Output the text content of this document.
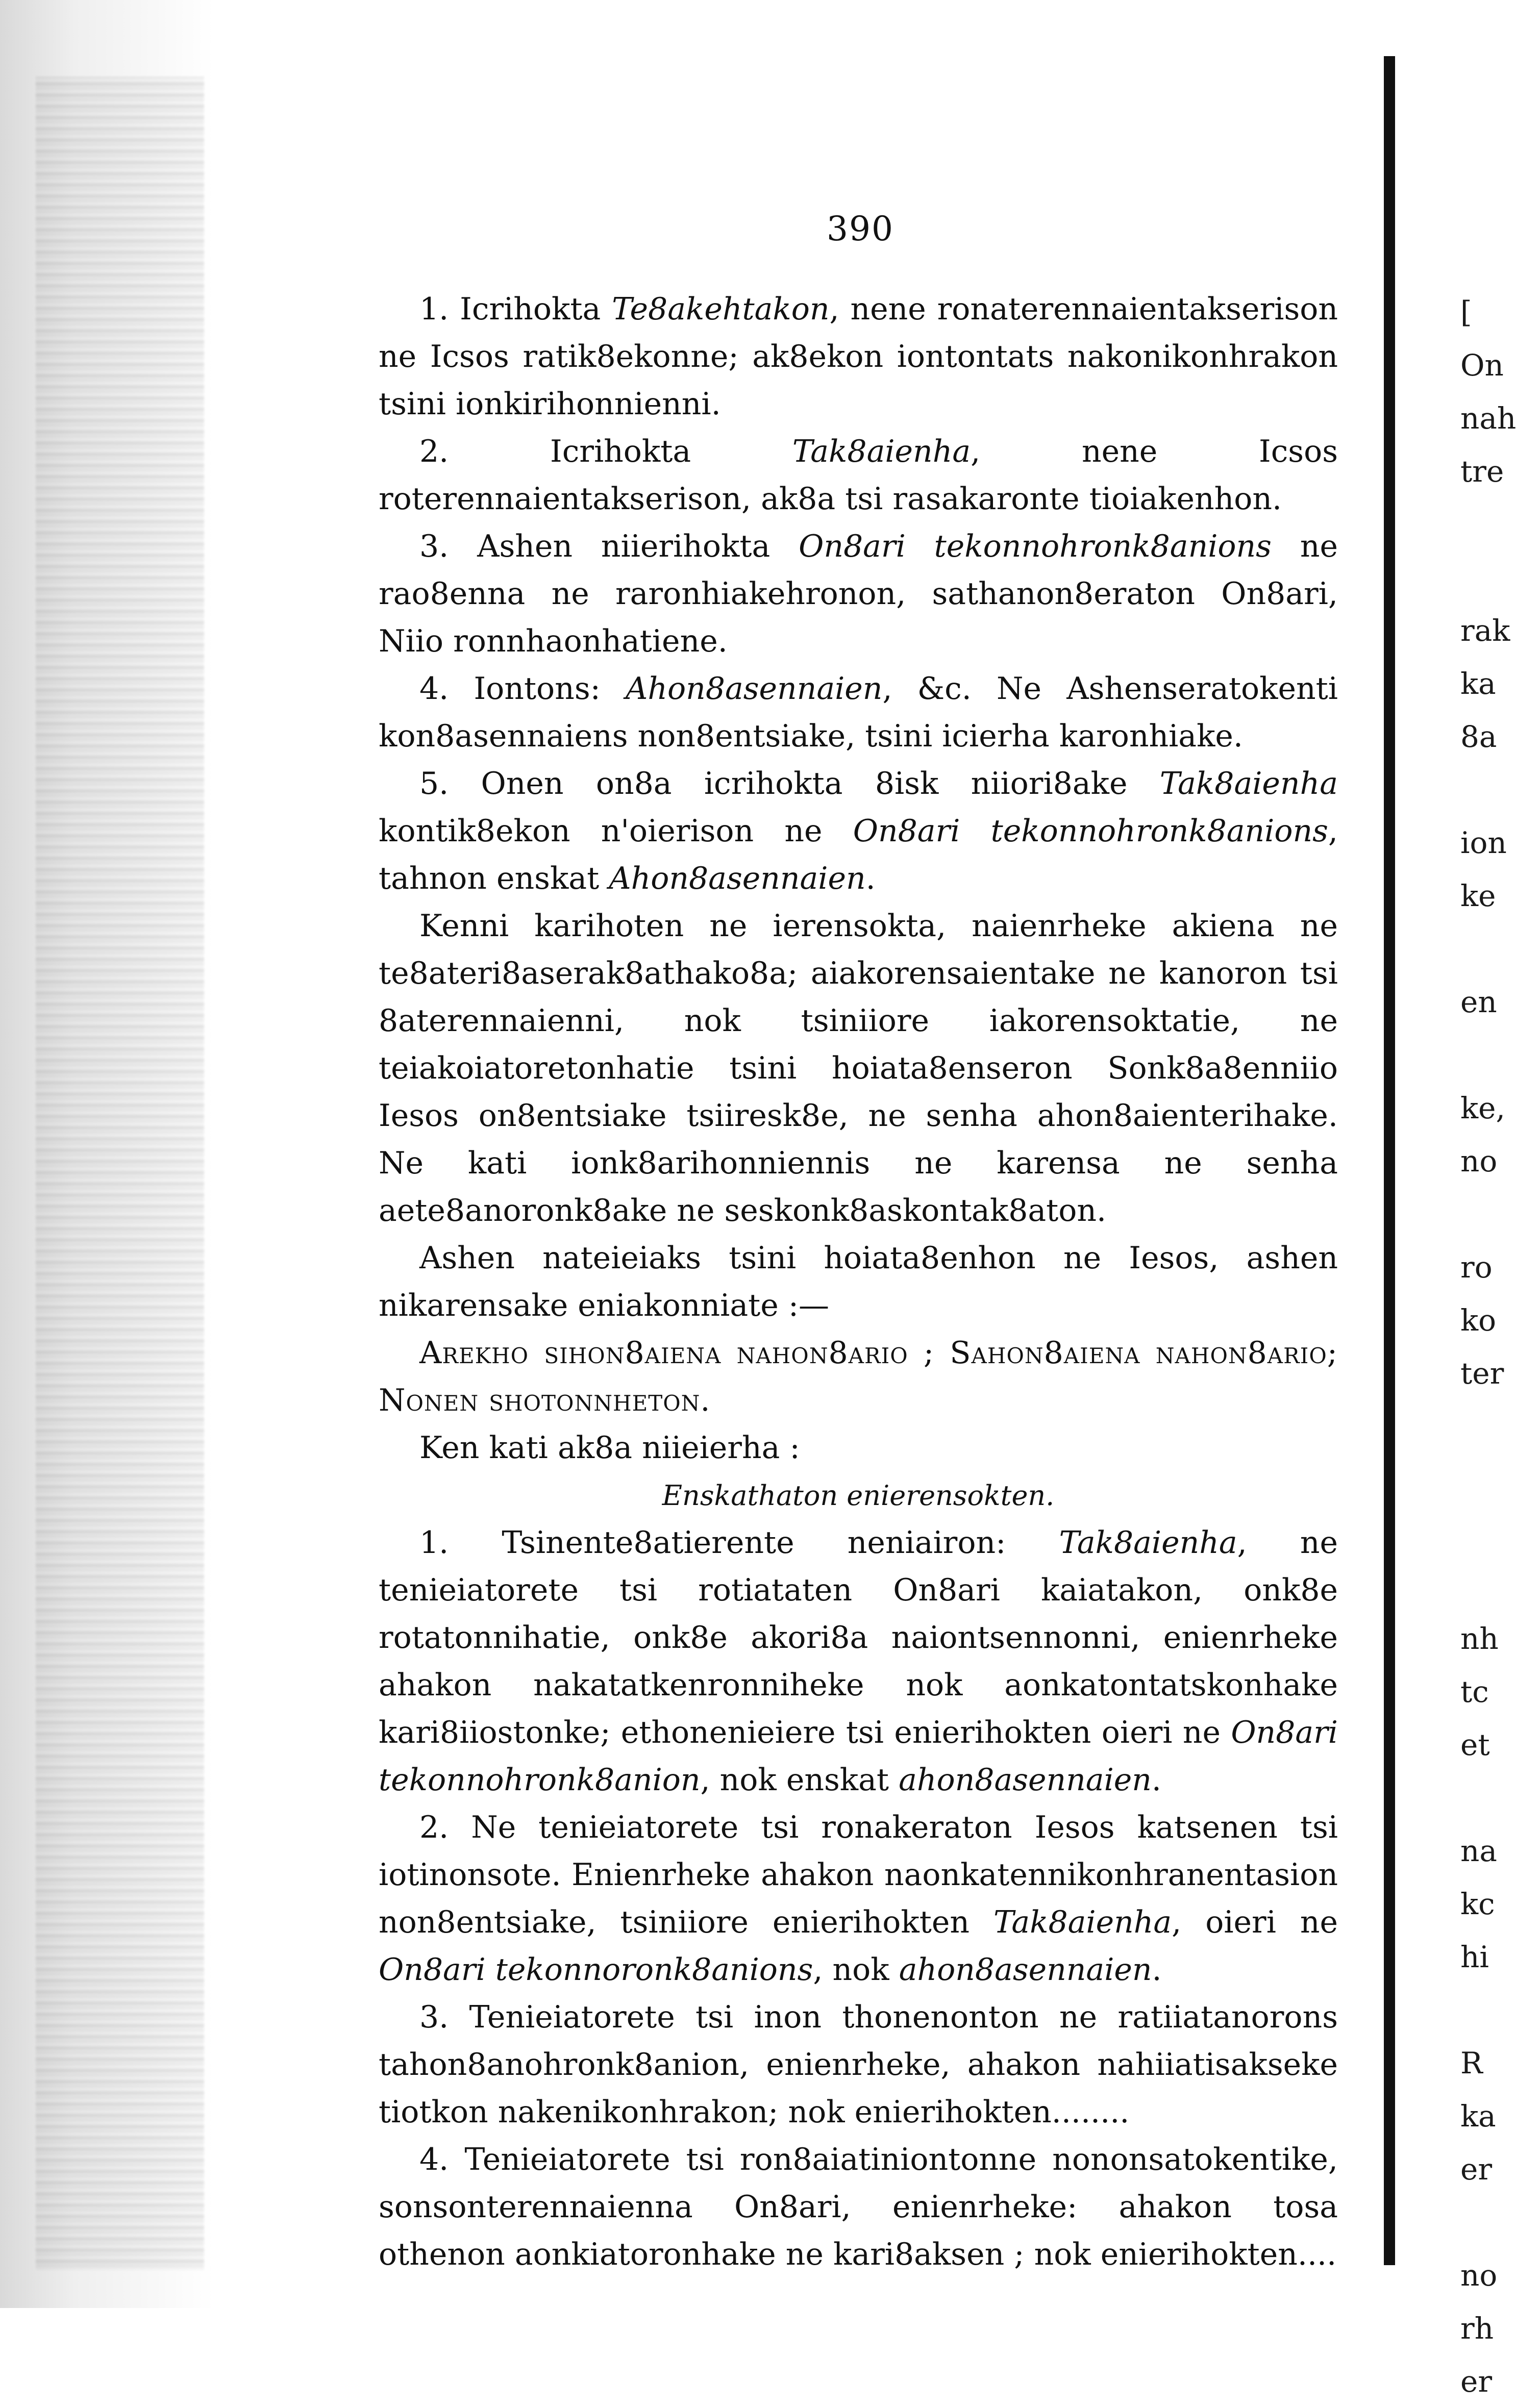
390

1. Icrihokta Te8akehtakon, nene ronaterennaientakserison ne Icsos ratik8ekonne; ak8ekon iontontats nakonikonhrakon tsini ionkirihonnienni.

2. Icrihokta Tak8aienha, nene Icsos roterennaientakserison, ak8a tsi rasakaronte tioiakenhon.

3. Ashen niierihokta On8ari tekonnohronk8anions ne rao8enna ne raronhiakehronon, sathanon8eraton On8ari, Niio ronnhaonhatiene.

4. Iontons: Ahon8asennaien, &c. Ne Ashenseratokenti kon8asennaiens non8entsiake, tsini icierha karonhiake.

5. Onen on8a icrihokta 8isk niiori8ake Tak8aienha kontik8ekon n'oierison ne On8ari tekonnohronk8anions, tahnon enskat Ahon8asennaien.

Kenni karihoten ne ierensokta, naienrheke akiena ne te8ateri8aserak8athako8a; aiakorensaientake ne kanoron tsi 8aterennaienni, nok tsiniiore iakorensoktatie, ne teiakoiatoretonhatie tsini hoiata8enseron Sonk8a8enniio Iesos on8entsiake tsiiresk8e, ne senha ahon8aienterihake. Ne kati ionk8arihonniennis ne karensa ne senha aete8anoronk8ake ne seskonk8askontak8aton.

Ashen nateieiaks tsini hoiata8enhon ne Iesos, ashen nikarensake eniakonniate :—

Arekho sihon8aiena nahon8ario ; Sahon8aiena nahon8ario; Nonen shotonnheton.

Ken kati ak8a niieierha :

Enskathaton enierensokten.

1. Tsinente8atierente neniairon: Tak8aienha, ne tenieiatorete tsi rotiataten On8ari kaiatakon, onk8e rotatonnihatie, onk8e akori8a naiontsennonni, enienrheke ahakon nakatatkenronniheke nok aonkatontatskonhake kari8iiostonke; ethonenieiere tsi enierihokten oieri ne On8ari tekonnohronk8anion, nok enskat ahon8asennaien.

2. Ne tenieiatorete tsi ronakeraton Iesos katsenen tsi iotinonsote. Enienrheke ahakon naonkatennikonhranentasion non8entsiake, tsiniiore enierihokten Tak8aienha, oieri ne On8ari tekonnoronk8anions, nok ahon8asennaien.

3. Tenieiatorete tsi inon thonenonton ne ratiiatanorons tahon8anohronk8anion, enienrheke, ahakon nahiiatisakseke tiotkon nakenikonhrakon; nok enierihokten........

4. Tenieiatorete tsi ron8aiatiniontonne nononsatokentike, sonsonterennaienna On8ari, enienrheke: ahakon tosa othenon aonkiatoronhake ne kari8aksen ; nok enierihokten....

[
On
nah
tre
rak
ka
8a
ion
ke
en
ke,
no
ro
ko
ter
nh
tc
et
na
kc
hi
R
ka
er
no
rh
er
